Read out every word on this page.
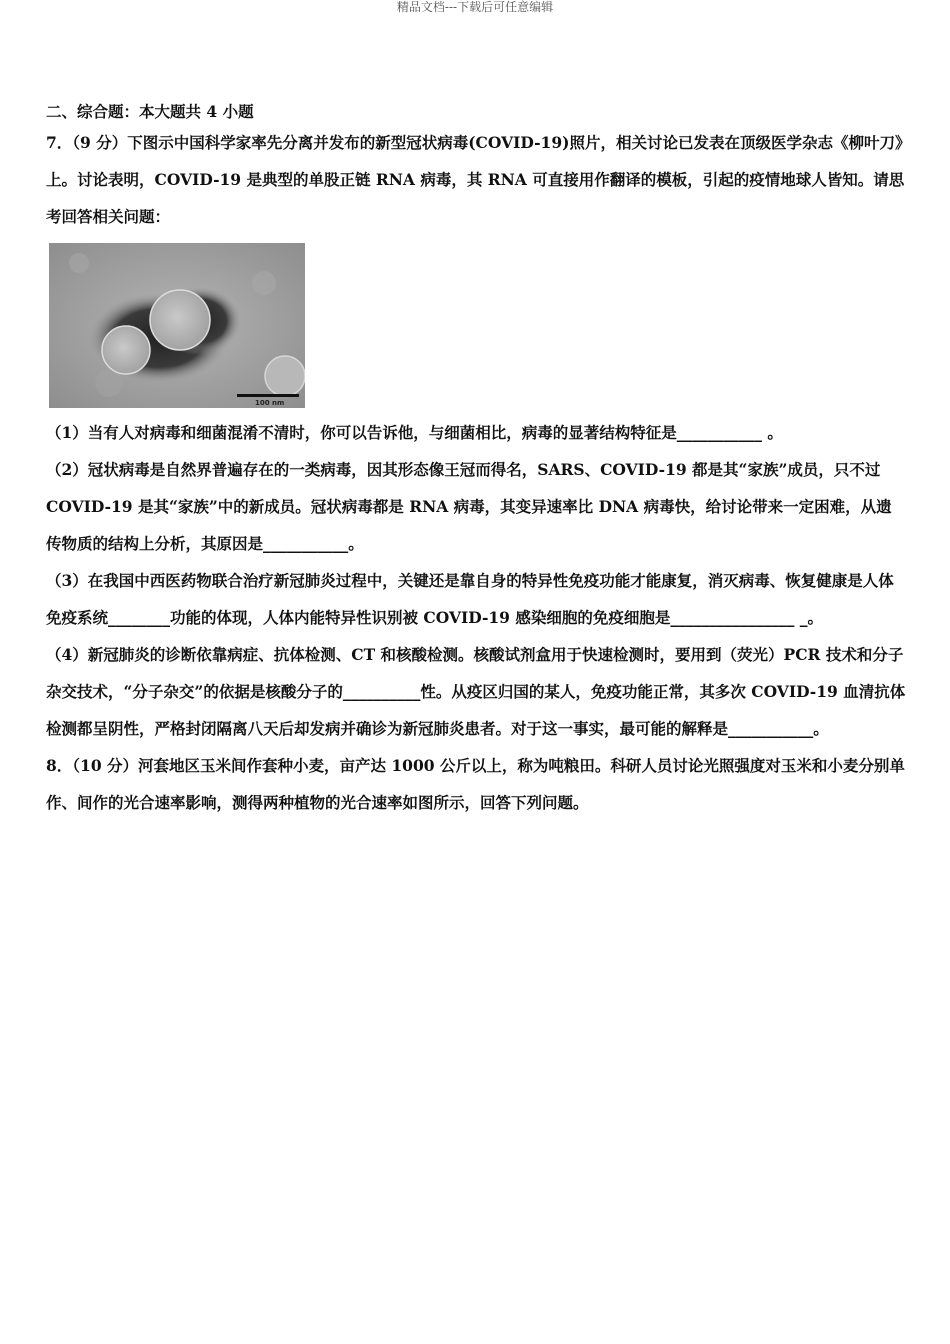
精品文档---下载后可任意编辑

二、综合题：本大题共 4 小题

7．（9 分）下图示中国科学家率先分离并发布的新型冠状病毒(COVID-19)照片，相关讨论已发表在顶级医学杂志《柳叶刀》上。讨论表明，COVID-19 是典型的单股正链 RNA 病毒，其 RNA 可直接用作翻译的模板，引起的疫情地球人皆知。请思考回答相关问题：

100 nm

（1）当有人对病毒和细菌混淆不清时，你可以告诉他，与细菌相比，病毒的显著结构特征是___________ 。

（2）冠状病毒是自然界普遍存在的一类病毒，因其形态像王冠而得名，SARS、COVID-19 都是其“家族”成员，只不过 COVID-19 是其“家族”中的新成员。冠状病毒都是 RNA 病毒，其变异速率比 DNA 病毒快，给讨论带来一定困难，从遗传物质的结构上分析，其原因是___________。

（3）在我国中西医药物联合治疗新冠肺炎过程中，关键还是靠自身的特异性免疫功能才能康复，消灭病毒、恢复健康是人体免疫系统________功能的体现，人体内能特异性识别被 COVID-19 感染细胞的免疫细胞是________________ _。

（4）新冠肺炎的诊断依靠病症、抗体检测、CT 和核酸检测。核酸试剂盒用于快速检测时，要用到（荧光）PCR 技术和分子杂交技术，“分子杂交”的依据是核酸分子的__________性。从疫区归国的某人，免疫功能正常，其多次 COVID-19 血清抗体检测都呈阴性，严格封闭隔离八天后却发病并确诊为新冠肺炎患者。对于这一事实，最可能的解释是___________。

8．（10 分）河套地区玉米间作套种小麦，亩产达 1000 公斤以上，称为吨粮田。科研人员讨论光照强度对玉米和小麦分别单作、间作的光合速率影响，测得两种植物的光合速率如图所示，回答下列问题。
